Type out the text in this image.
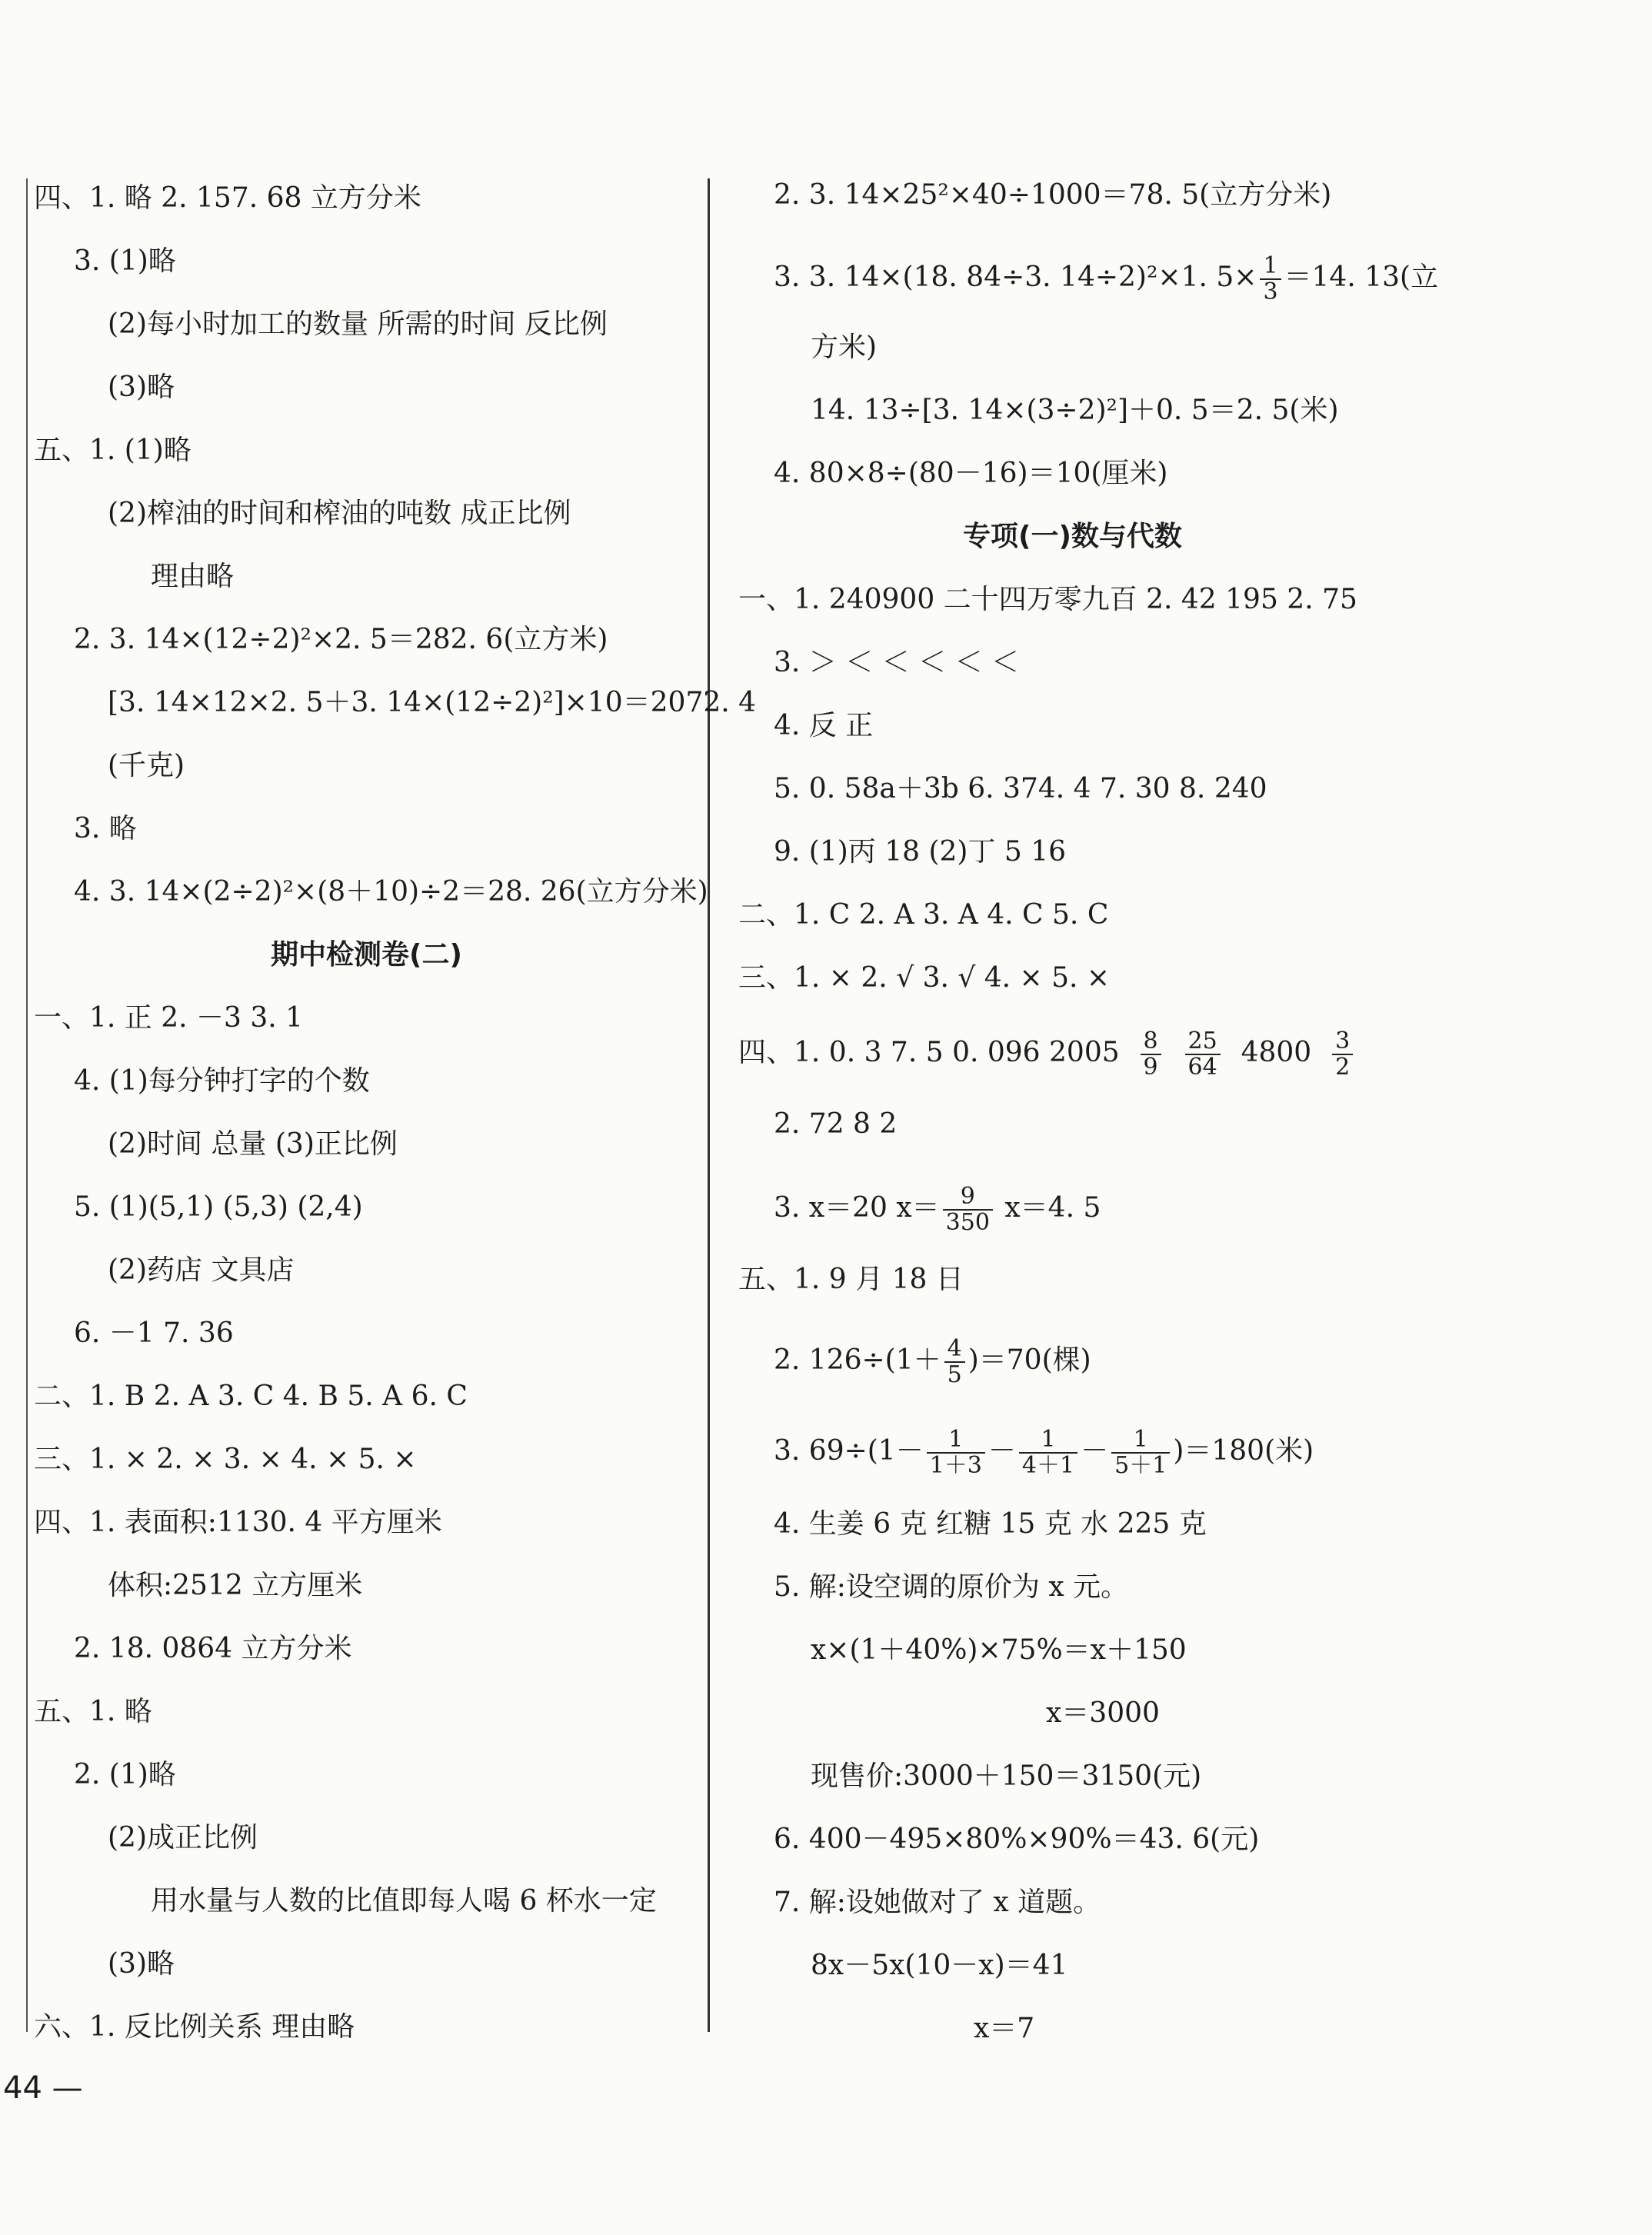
四、1. 略 2. 157. 68 立方分米
3. (1)略
(2)每小时加工的数量 所需的时间 反比例
(3)略
五、1. (1)略
(2)榨油的时间和榨油的吨数 成正比例
理由略
2. 3. 14×(12÷2)²×2. 5＝282. 6(立方米)
[3. 14×12×2. 5＋3. 14×(12÷2)²]×10＝2072. 4
(千克)
3. 略
4. 3. 14×(2÷2)²×(8＋10)÷2＝28. 26(立方分米)
期中检测卷(二)
一、1. 正 2. －3 3. 1
4. (1)每分钟打字的个数
(2)时间 总量 (3)正比例
5. (1)(5,1) (5,3) (2,4)
(2)药店 文具店
6. －1 7. 36
二、1. B 2. A 3. C 4. B 5. A 6. C
三、1. × 2. × 3. × 4. × 5. ×
四、1. 表面积:1130. 4 平方厘米
体积:2512 立方厘米
2. 18. 0864 立方分米
五、1. 略
2. (1)略
(2)成正比例
用水量与人数的比值即每人喝 6 杯水一定
(3)略
六、1. 反比例关系 理由略
2. 3. 14×25²×40÷1000＝78. 5(立方分米)
3. 3. 14×(18. 84÷3. 14÷2)²×1. $5\times \frac{1}{3} =14$. 13(立
方米)
14. 13÷[3. 14×(3÷2)²]＋0. 5＝2. 5(米)
4. 80×8÷(80－16)＝10(厘米)
专项(一)数与代数
一、1. 240900 二十四万零九百 2. 42 195 2. 75
3. ＞ ＜ ＜ ＜ ＜ ＜
4. 反 正
5. 0. 58a＋3b 6. 374. 4 7. 30 8. 240
9. (1)丙 18 (2)丁 5 16
二、1. C 2. A 3. A 4. C 5. C
三、1. × 2. √ 3. √ 4. × 5. ×
四、1. 0. 3 7. 5 0. 096 $2005 \frac{8}{9}$
$\frac{25}{64} 4800 \frac{3}{2}$
2. 72 8 2
3. x＝20 $x= \frac{9}{350} x=4$. 5
五、1. 9 月 18 日
2. $126\div(1+ \frac{4}{5} )=70$(棵)
3. $69\div(1- \frac{1}{1+3} - \frac{1}{4+1} - \frac{1}{5+1} )=180$(米)
4. 生姜 6 克 红糖 15 克 水 225 克
5. 解:设空调的原价为 x 元。
x×(1＋40%)×75%＝x＋150
x＝3000
现售价:3000＋150＝3150(元)
6. 400－495×80%×90%＝43. 6(元)
7. 解:设她做对了 x 道题。
8x－5x(10－x)＝41
x＝7
44 —
